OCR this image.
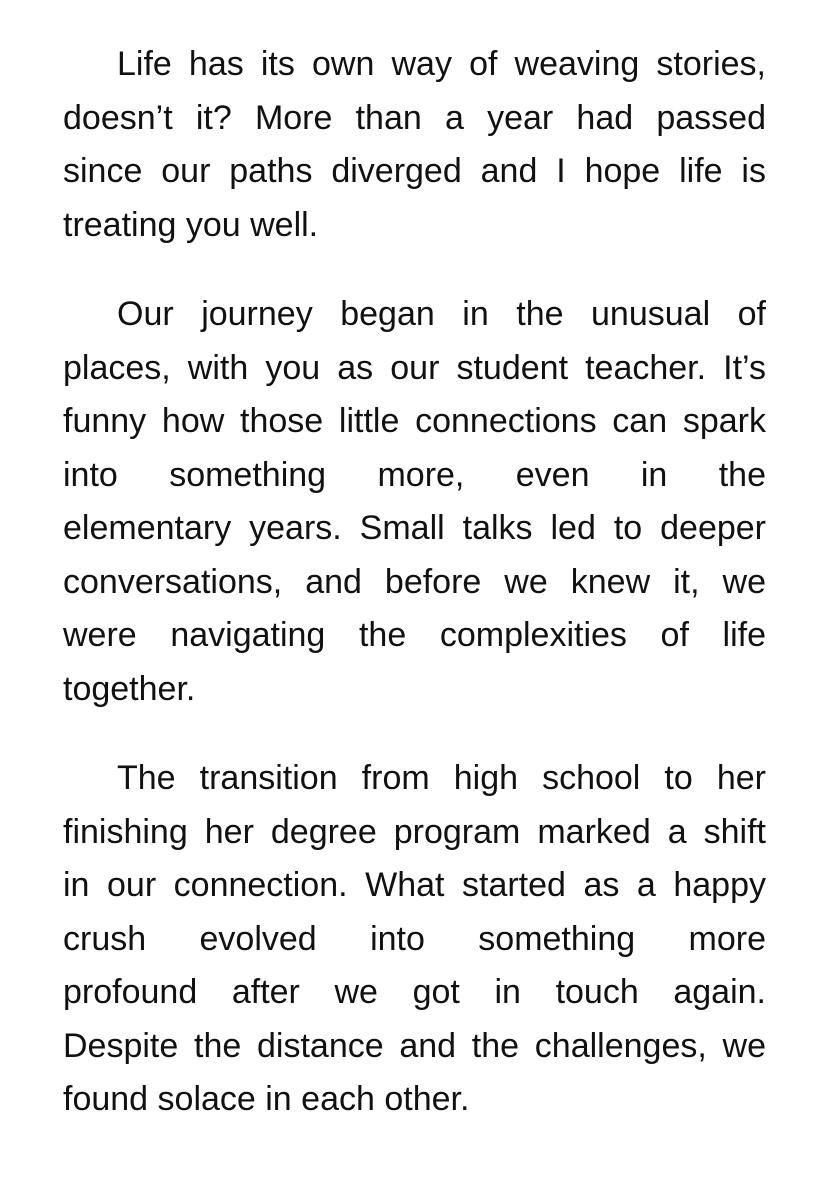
Life has its own way of weaving stories,
doesn’t it? More than a year had passed
since our paths diverged and I hope life is
treating you well.

Our journey began in the unusual of
places, with you as our student teacher. It’s
funny how those little connections can spark
into something more, even in the
elementary years. Small talks led to deeper
conversations, and before we knew it, we
were navigating the complexities of life
together.

The transition from high school to her
finishing her degree program marked a shift
in our connection. What started as a happy
crush evolved into something more
profound after we got in touch again.
Despite the distance and the challenges, we
found solace in each other.
